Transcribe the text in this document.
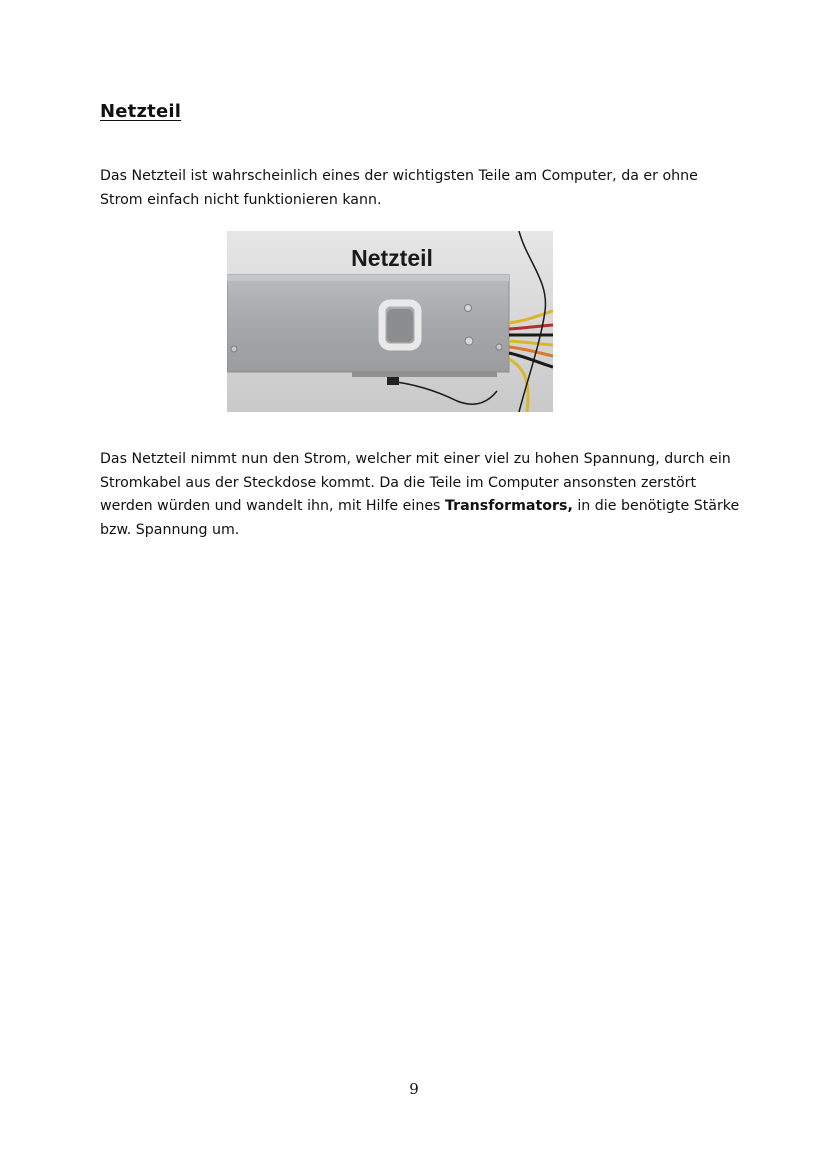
Netzteil

Das Netzteil ist wahrscheinlich eines der wichtigsten Teile am Computer, da er ohne Strom einfach nicht funktionieren kann.

Netzteil

Das Netzteil nimmt nun den Strom, welcher mit einer viel zu hohen Spannung, durch ein Stromkabel aus der Steckdose kommt. Da die Teile im Computer ansonsten zerstört werden würden und wandelt ihn, mit Hilfe eines Transformators, in die benötigte Stärke bzw. Spannung um.

9
